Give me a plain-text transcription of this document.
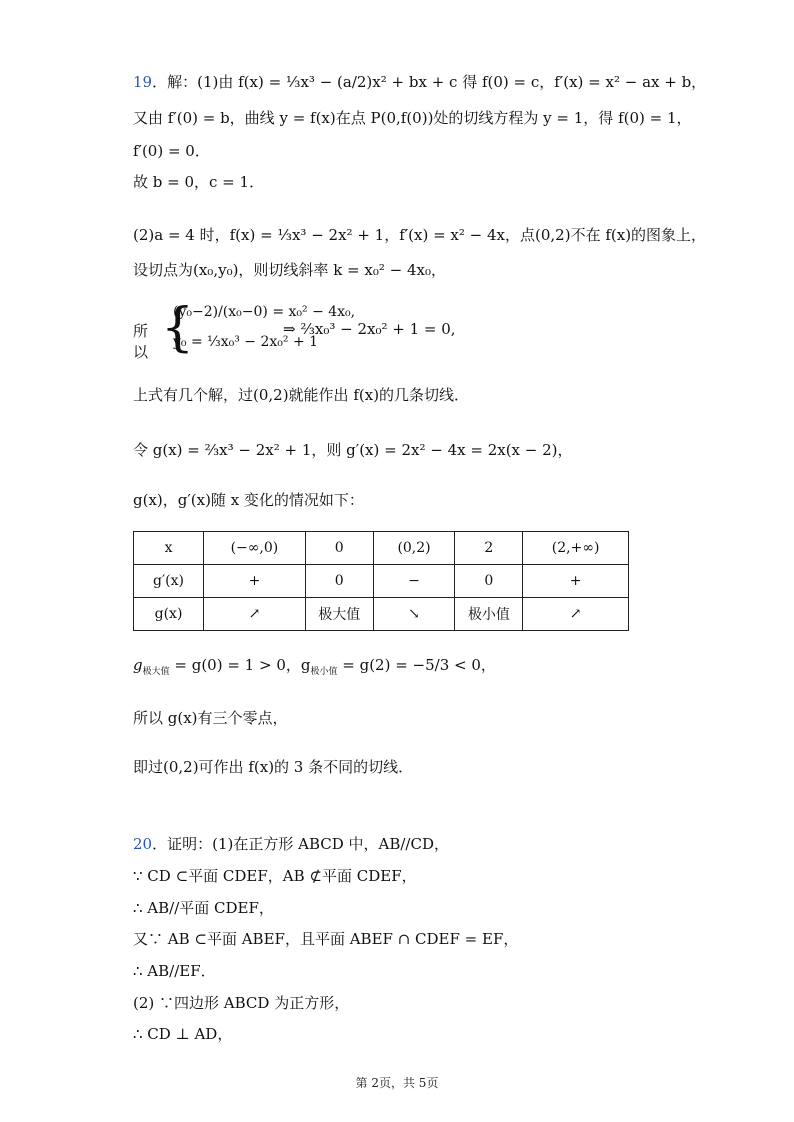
19．解：(1)由 f(x) = ⅓x³ − (a/2)x² + bx + c 得 f(0) = c，f′(x) = x² − ax + b，
又由 f′(0) = b，曲线 y = f(x)在点 P(0,f(0))处的切线方程为 y = 1，得 f(0) = 1，
f′(0) = 0．
故 b = 0，c = 1．
(2)a = 4 时，f(x) = ⅓x³ − 2x² + 1，f′(x) = x² − 4x，点(0,2)不在 f(x)的图象上，
设切点为(x₀,y₀)，则切线斜率 k = x₀² − 4x₀，
所以 {
(y₀−2)/(x₀−0) = x₀² − 4x₀,
y₀ = ⅓x₀³ − 2x₀² + 1
⇒ ⅔x₀³ − 2x₀² + 1 = 0,
上式有几个解，过(0,2)就能作出 f(x)的几条切线．
令 g(x) = ⅔x³ − 2x² + 1，则 g′(x) = 2x² − 4x = 2x(x − 2)，
g(x)，g′(x)随 x 变化的情况如下：
x	(−∞,0)	0	(0,2)	2	(2,+∞)
g′(x)	+	0	−	0	+
g(x)	↗	极大值	↘	极小值	↗
$g_{极大值} = g(0) = 1 > 0$，$g_{极小值} = g(2) = -5/3 < 0$，
所以 g(x)有三个零点，
即过(0,2)可作出 f(x)的 3 条不同的切线．
20．证明：(1)在正方形 ABCD 中，AB//CD，
∵ CD ⊂平面 CDEF，AB ⊄平面 CDEF，
∴ AB//平面 CDEF，
又∵ AB ⊂平面 ABEF，且平面 ABEF ∩ CDEF = EF，
∴ AB//EF．
(2) ∵四边形 ABCD 为正方形，
∴ CD ⊥ AD，
第 2页，共 5页
